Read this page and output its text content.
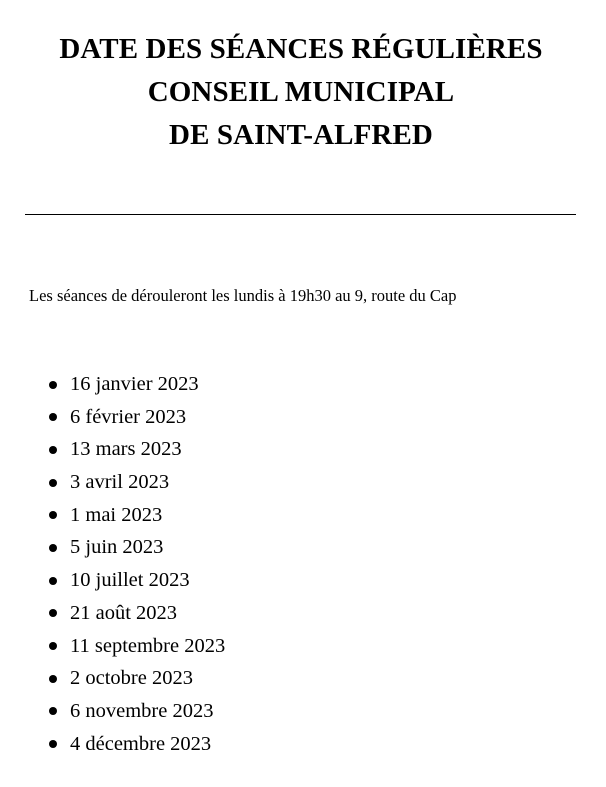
DATE DES SÉANCES RÉGULIÈRES
CONSEIL MUNICIPAL
DE SAINT-ALFRED
Les séances de dérouleront les lundis à 19h30 au 9, route du Cap
16 janvier 2023
6 février 2023
13 mars 2023
3 avril 2023
1 mai 2023
5 juin 2023
10 juillet 2023
21 août 2023
11 septembre 2023
2 octobre 2023
6 novembre 2023
4 décembre 2023
